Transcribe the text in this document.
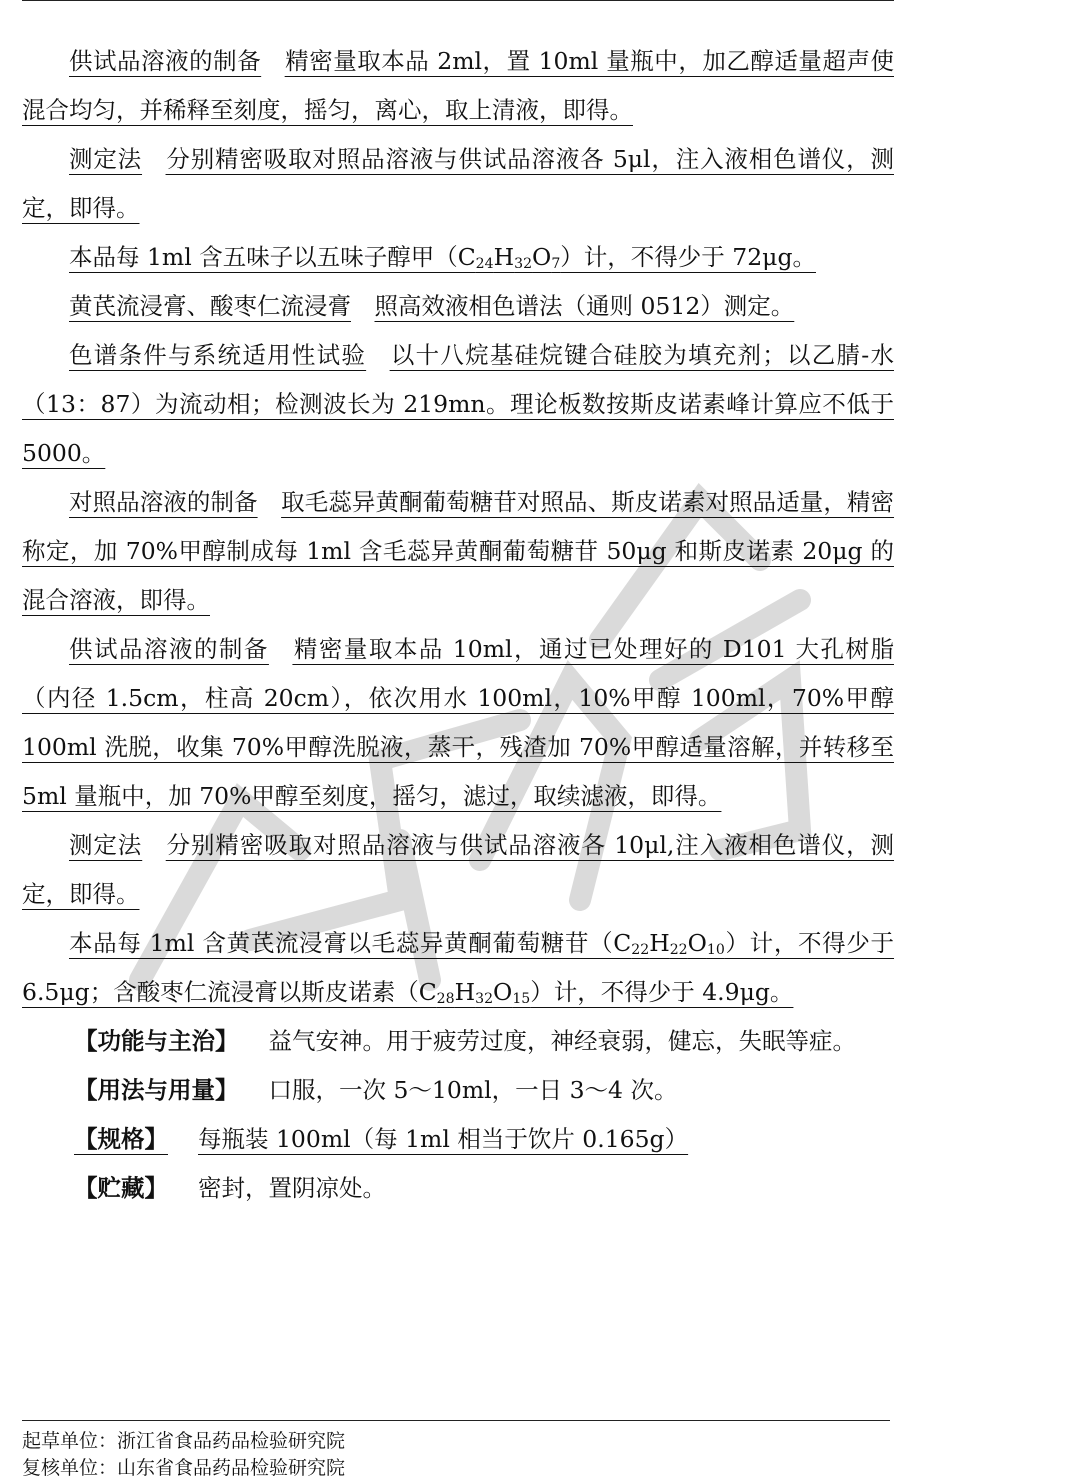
供试品溶液的制备 精密量取本品 2ml，置 10ml 量瓶中，加乙醇适量超声使混合均匀，并稀释至刻度，摇匀，离心，取上清液，即得。

测定法 分别精密吸取对照品溶液与供试品溶液各 5μl，注入液相色谱仪，测定，即得。

本品每 1ml 含五味子以五味子醇甲$(C_{24}H_{32}O_7)$计，不得少于 72μg。

黄芪流浸膏、酸枣仁流浸膏 照高效液相色谱法（通则 0512）测定。

色谱条件与系统适用性试验 以十八烷基硅烷键合硅胶为填充剂；以乙腈-水（13：87）为流动相；检测波长为 219mn。理论板数按斯皮诺素峰计算应不低于 5000。

对照品溶液的制备 取毛蕊异黄酮葡萄糖苷对照品、斯皮诺素对照品适量，精密称定，加 70%甲醇制成每 1ml 含毛蕊异黄酮葡萄糖苷 50μg 和斯皮诺素 20μg 的混合溶液，即得。

供试品溶液的制备 精密量取本品 10ml，通过已处理好的 D101 大孔树脂（内径 1.5cm，柱高 20cm），依次用水 100ml，10%甲醇 100ml，70%甲醇 100ml 洗脱，收集 70%甲醇洗脱液，蒸干，残渣加 70%甲醇适量溶解，并转移至 5ml 量瓶中，加 70%甲醇至刻度，摇匀，滤过，取续滤液，即得。

测定法 分别精密吸取对照品溶液与供试品溶液各 10μl,注入液相色谱仪，测定，即得。

本品每 1ml 含黄芪流浸膏以毛蕊异黄酮葡萄糖苷$(C_{22}H_{22}O_{10})$计，不得少于 6.5μg；含酸枣仁流浸膏以斯皮诺素$(C_{28}H_{32}O_{15})$计，不得少于 4.9μg。

【功能与主治】 益气安神。用于疲劳过度，神经衰弱，健忘，失眠等症。

【用法与用量】 口服，一次 5～10ml，一日 3～4 次。

【规格】 每瓶装 100ml（每 1ml 相当于饮片 0.165g）

【贮藏】 密封，置阴凉处。

起草单位：浙江省食品药品检验研究院
复核单位：山东省食品药品检验研究院
